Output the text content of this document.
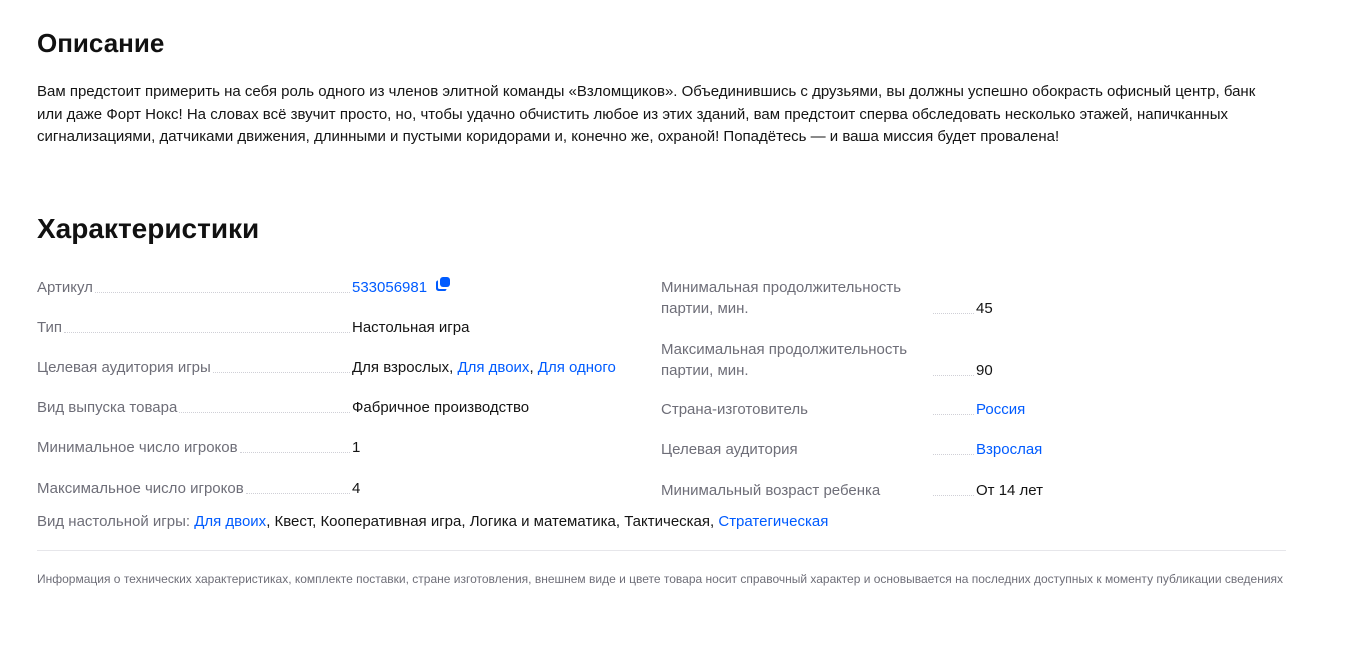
Описание

Вам предстоит примерить на себя роль одного из членов элитной команды «Взломщиков». Объединившись с друзьями, вы должны успешно обокрасть офисный центр, банк или даже Форт Нокс! На словах всё звучит просто, но, чтобы удачно обчистить любое из этих зданий, вам предстоит сперва обследовать несколько этажей, напичканных сигнализациями, датчиками движения, длинными и пустыми коридорами и, конечно же, охраной! Попадётесь — и ваша миссия будет провалена!

Характеристики
Артикул	533056981
Тип	Настольная игра
Целевая аудитория игры	Для взрослых, Для двоих, Для одного
Вид выпуска товара	Фабричное производство
Минимальное число игроков	1
Максимальное число игроков	4
Минимальная продолжительность партии, мин.	45
Максимальная продолжительность партии, мин.	90
Страна-изготовитель	Россия
Целевая аудитория	Взрослая
Минимальный возраст ребенка	От 14 лет
Вид настольной игры: Для двоих, Квест, Кооперативная игра, Логика и математика, Тактическая, Стратегическая

Информация о технических характеристиках, комплекте поставки, стране изготовления, внешнем виде и цвете товара носит справочный характер и основывается на последних доступных к моменту публикации сведениях
